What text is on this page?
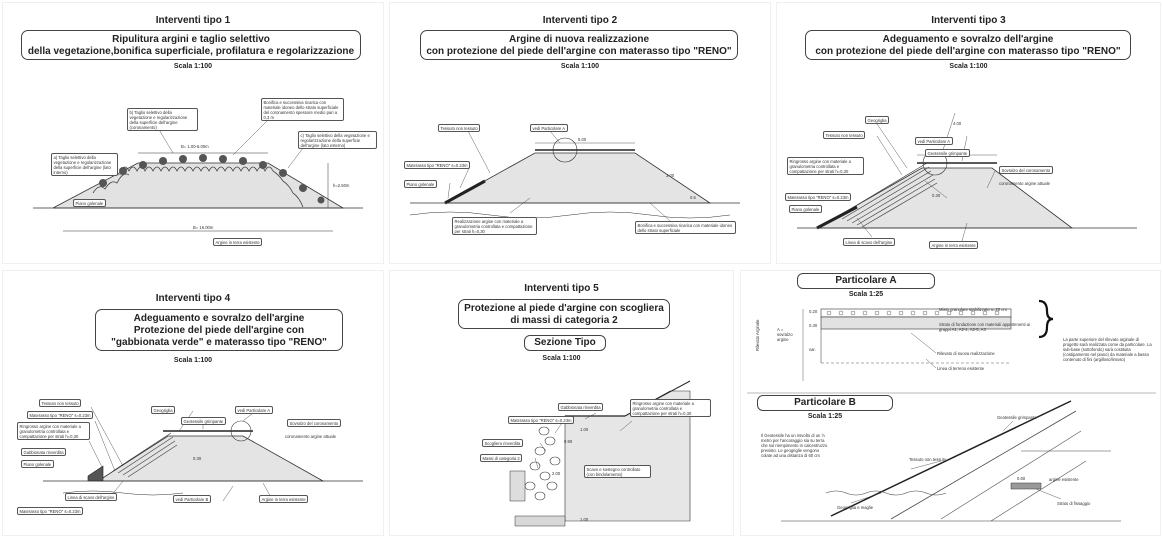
Interventi tipo 1
Ripulitura argini e taglio selettivo
della vegetazione,bonifica superficiale, profilatura e regolarizzazione
Scala 1:100
a) Taglio selettivo della vegetazione e regolarizzazione della superficie dell'argine (lato interno)
b) Taglio selettivo della vegetazione e regolarizzazione della superficie dell'argine (coronamento)
Bonifica e successiva ricarica con materiale idoneo dello strato superficiale del coronamento spessore medio pari a 0,3 m
c) Taglio selettivo della vegetazione e regolarizzazione della superficie dell'argine (lato esterno)
Piano golenale
Argine in terra esistente
B= 1.00-6.00m
h=2.50m
B= 16.00m
Interventi tipo 2
Argine di nuova realizzazione
con protezione del piede dell'argine con materasso tipo "RENO"
Scala 1:100
Tessuto non tessuto	vedi Particolare A
Materasso tipo "RENO" s=0.23m
Piano golenale
Realizzazione argine con materiale a granulometria controllata e compattazione per strati h=0,30
Bonifica e successiva ricarica con materiale idoneo dello strato superficiale
5.00
3.00
0.5
Interventi tipo 3
Adeguamento e sovralzo dell'argine
con protezione del piede dell'argine con materasso tipo "RENO"
Scala 1:100
Geogriglia
Tessuto non tessuto
vedi Particolare A
Geotessile grimpante
Ringrosso argine con materiale a granulometria controllata e compattazione per strati h=0,30	Sovralzo del coronamento
coronamento argine attuale
Materasso tipo "RENO" s=0.23m
Piano golenale
Linea di scavo dell'argine
Argine in terra esistente
4.00
0.30
Interventi tipo 4
Adeguamento e sovralzo dell'argine
Protezione del piede dell'argine con
"gabbionata verde" e materasso tipo "RENO"
Scala 1:100
Tessuto non tessuto
Materasso tipo "RENO" s=0.23m
Geogriglia	vedi Particolare A
Geotessile grimpante
Ringrosso argine con materiale a granulometria controllata e compattazione per strati h=0,30
Sovralzo del coronamento
coronamento argine attuale
Gabbionata rinverdita
Piano golenale
Linea di scavo dell'argine	vedi Particolare B	Argine in terra esistente
Materasso tipo "RENO" s=0.23m
0.30
Interventi tipo 5
Protezione al piede d'argine con scogliera
di massi di categoria 2
Sezione Tipo
Scala 1:100
Gabbionata rinverdita
Materasso tipo "RENO" s=0.23m
Ringrosso argine con materiale a granulometria controllata e compattazione per strati h=0,30
Scogliera rinverdita
Massi di categoria 2
Scavo e sostegno controllato (con bindolamento)
1.00
0.90
2.00
1.00
Particolare A
Scala 1:25
Misto granulare stabilizzato s=20 cm
Strato di fondazione con materiali appartenenti ai gruppi A1, A2-4, A2-5, A3
Rilevato di nuova realizzazione
Linea di terreno esistente
La parte superiore del rilevato arginale di progetto sarà realizzata come da particolare. La sub-base (sottofondo) sarà costituita (costipamento nel piano) da materiale a basso contenuto di fini (argilloso/limoso)
Rilevato Arginale	A = sovralzo argine
0.20
0.30
var.
Particolare B
Scala 1:25
Il Geotessile ha un risvolto di un ½ metro per l'ancoraggio sia su terra che sul riempimento in calcestruzzo previsto. Le geogriglie vengono colate ad una distanza di 60 cm
Geotessile grimpante
Tessuto non tessuto
argine esistente
Geogriglia e maglie
Strato di fissaggio
0.60
